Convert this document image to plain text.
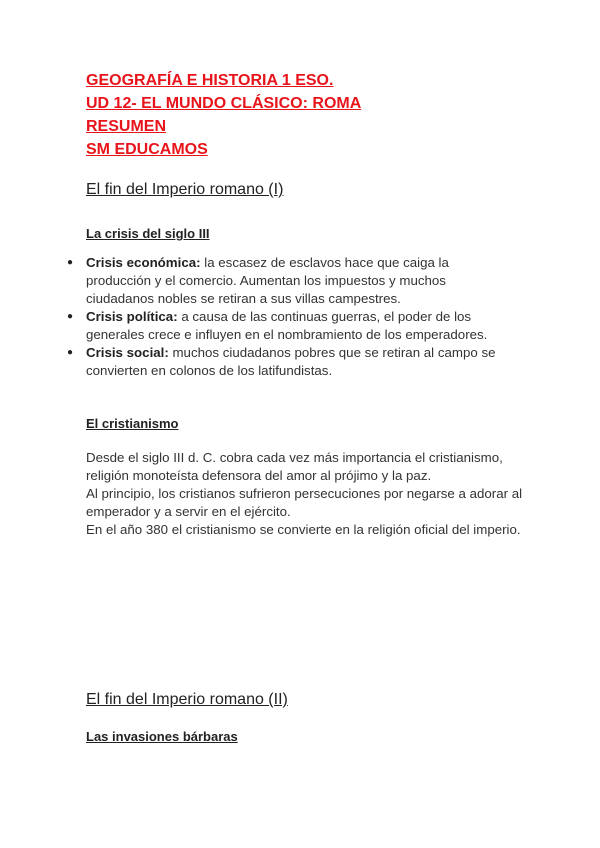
GEOGRAFÍA E HISTORIA 1 ESO.

UD 12- EL MUNDO CLÁSICO: ROMA

RESUMEN

SM EDUCAMOS

El fin del Imperio romano (I)
La crisis del siglo III
● Crisis económica: la escasez de esclavos hace que caiga la producción y el comercio. Aumentan los impuestos y muchos ciudadanos nobles se retiran a sus villas campestres.
● Crisis política: a causa de las continuas guerras, el poder de los generales crece e influyen en el nombramiento de los emperadores.
● Crisis social: muchos ciudadanos pobres que se retiran al campo se convierten en colonos de los latifundistas.
El cristianismo

Desde el siglo III d. C. cobra cada vez más importancia el cristianismo, religión monoteísta defensora del amor al prójimo y la paz.

Al principio, los cristianos sufrieron persecuciones por negarse a adorar al emperador y a servir en el ejército.

En el año 380 el cristianismo se convierte en la religión oficial del imperio.

El fin del Imperio romano (II)
Las invasiones bárbaras
